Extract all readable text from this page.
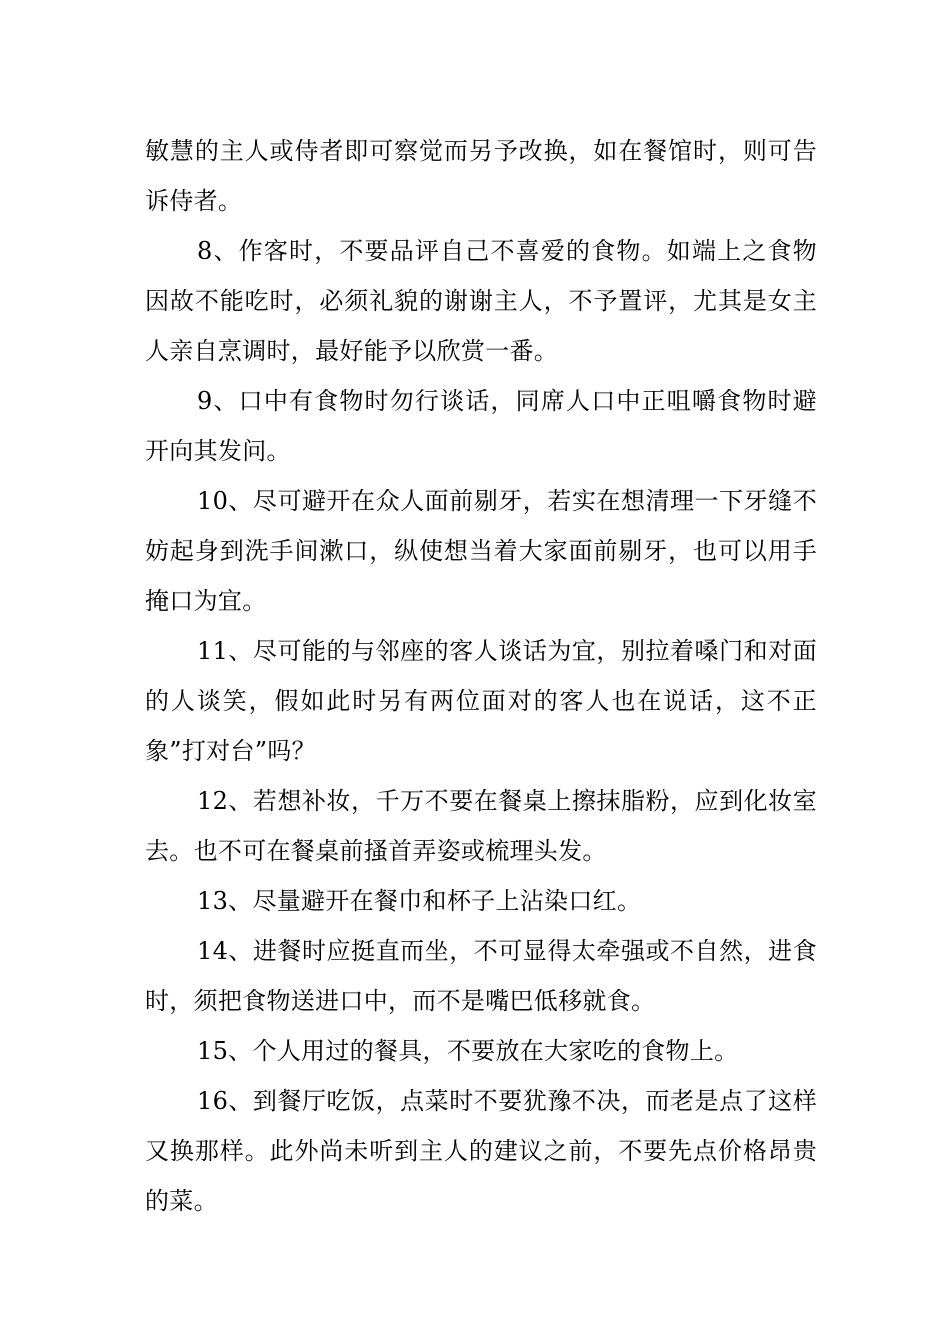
敏慧的主人或侍者即可察觉而另予改换，如在餐馆时，则可告诉侍者。

8、作客时，不要品评自己不喜爱的食物。如端上之食物因故不能吃时，必须礼貌的谢谢主人，不予置评，尤其是女主人亲自烹调时，最好能予以欣赏一番。

9、口中有食物时勿行谈话，同席人口中正咀嚼食物时避开向其发问。

10、尽可避开在众人面前剔牙，若实在想清理一下牙缝不妨起身到洗手间漱口，纵使想当着大家面前剔牙，也可以用手掩口为宜。

11、尽可能的与邻座的客人谈话为宜，别拉着嗓门和对面的人谈笑，假如此时另有两位面对的客人也在说话，这不正象”打对台”吗？

12、若想补妆，千万不要在餐桌上擦抹脂粉，应到化妆室去。也不可在餐桌前搔首弄姿或梳理头发。

13、尽量避开在餐巾和杯子上沾染口红。

14、进餐时应挺直而坐，不可显得太牵强或不自然，进食时，须把食物送进口中，而不是嘴巴低移就食。

15、个人用过的餐具，不要放在大家吃的食物上。

16、到餐厅吃饭，点菜时不要犹豫不决，而老是点了这样又换那样。此外尚未听到主人的建议之前，不要先点价格昂贵的菜。
